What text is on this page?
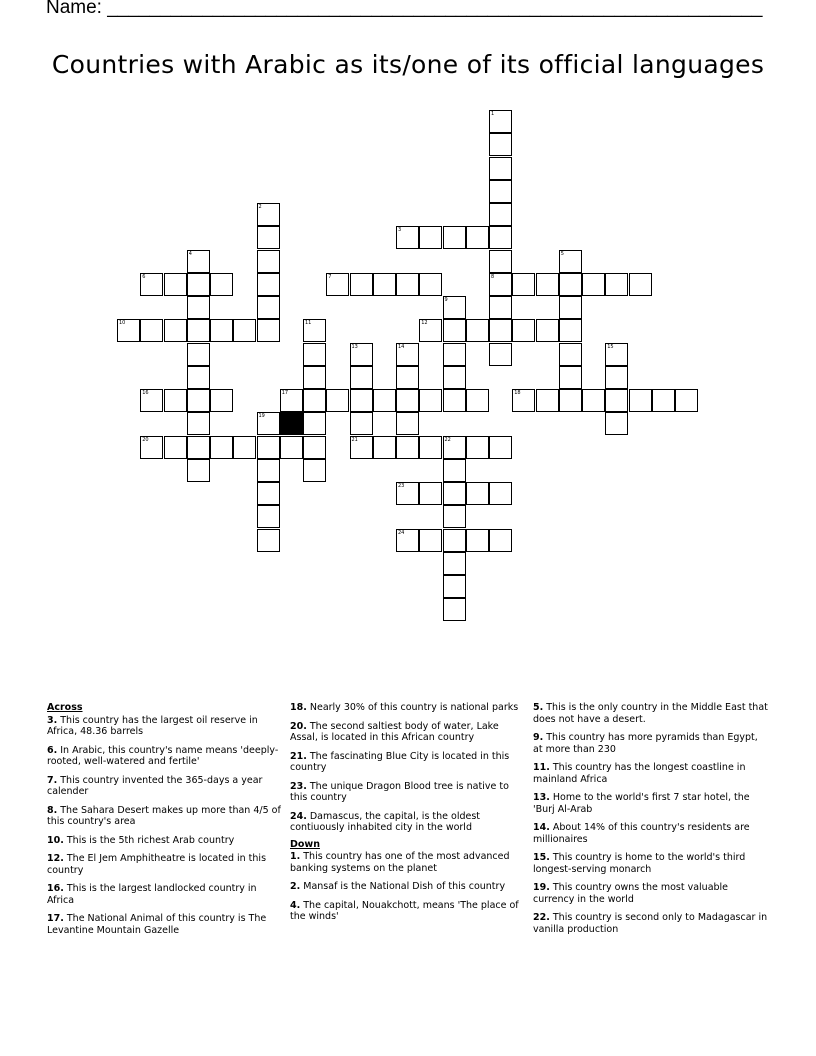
Name: ______________________________________________________________
Countries with Arabic as its/one of its official languages
1
8
2
3
4	5
6	7
9
10	11	12
13
21
14	15
16	17	18
19
20	22
23
24
Across
3. This country has the largest oil reserve in Africa, 48.36 barrels
6. In Arabic, this country's name means 'deeply-rooted, well-watered and fertile'
7. This country invented the 365-days a year calender
8. The Sahara Desert makes up more than 4/5 of this country's area
10. This is the 5th richest Arab country
12. The El Jem Amphitheatre is located in this country
16. This is the largest landlocked country in Africa
17. The National Animal of this country is The Levantine Mountain Gazelle
18. Nearly 30% of this country is national parks
20. The second saltiest body of water, Lake Assal, is located in this African country
21. The fascinating Blue City is located in this country
23. The unique Dragon Blood tree is native to this country
24. Damascus, the capital, is the oldest contiuously inhabited city in the world
Down
1. This country has one of the most advanced banking systems on the planet
2. Mansaf is the National Dish of this country
4. The capital, Nouakchott, means 'The place of the winds'
5. This is the only country in the Middle East that does not have a desert.
9. This country has more pyramids than Egypt, at more than 230
11. This country has the longest coastline in mainland Africa
13. Home to the world's first 7 star hotel, the 'Burj Al-Arab
14. About 14% of this country's residents are millionaires
15. This country is home to the world's third longest-serving monarch
19. This country owns the most valuable currency in the world
22. This country is second only to Madagascar in vanilla production
